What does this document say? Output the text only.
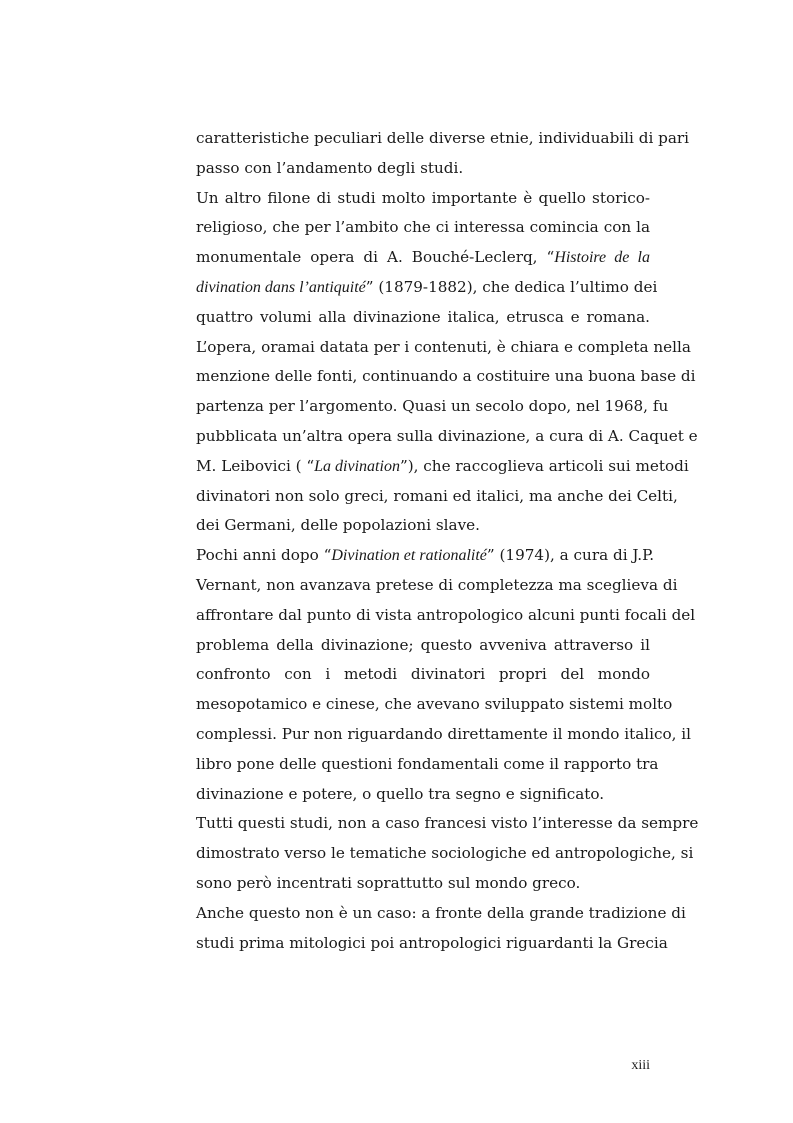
caratteristiche peculiari delle diverse etnie, individuabili di pari
passo con l’andamento degli studi.
Un altro filone di studi molto importante è quello storico-
religioso, che per l’ambito che ci interessa comincia con la
monumentale opera di A. Bouché-Leclerq, “Histoire de la
divination dans l’antiquité” (1879-1882), che dedica l’ultimo dei
quattro volumi alla divinazione italica, etrusca e romana.
L’opera, oramai datata per i contenuti, è chiara e completa nella
menzione delle fonti, continuando a costituire una buona base di
partenza per l’argomento. Quasi un secolo dopo, nel 1968, fu
pubblicata un’altra opera sulla divinazione, a cura di A. Caquet e
M. Leibovici ( “La divination”), che raccoglieva articoli sui metodi
divinatori non solo greci, romani ed italici, ma anche dei Celti,
dei Germani, delle popolazioni slave.
Pochi anni dopo “Divination et rationalité” (1974), a cura di J.P.
Vernant, non avanzava pretese di completezza ma sceglieva di
affrontare dal punto di vista antropologico alcuni punti focali del
problema della divinazione; questo avveniva attraverso il
confronto con i metodi divinatori propri del mondo
mesopotamico e cinese, che avevano sviluppato sistemi molto
complessi. Pur non riguardando direttamente il mondo italico, il
libro pone delle questioni fondamentali come il rapporto tra
divinazione e potere, o quello tra segno e significato.
Tutti questi studi, non a caso francesi visto l’interesse da sempre
dimostrato verso le tematiche sociologiche ed antropologiche, si
sono però incentrati soprattutto sul mondo greco.
Anche questo non è un caso: a fronte della grande tradizione di
studi prima mitologici poi antropologici riguardanti la Grecia
xiii
